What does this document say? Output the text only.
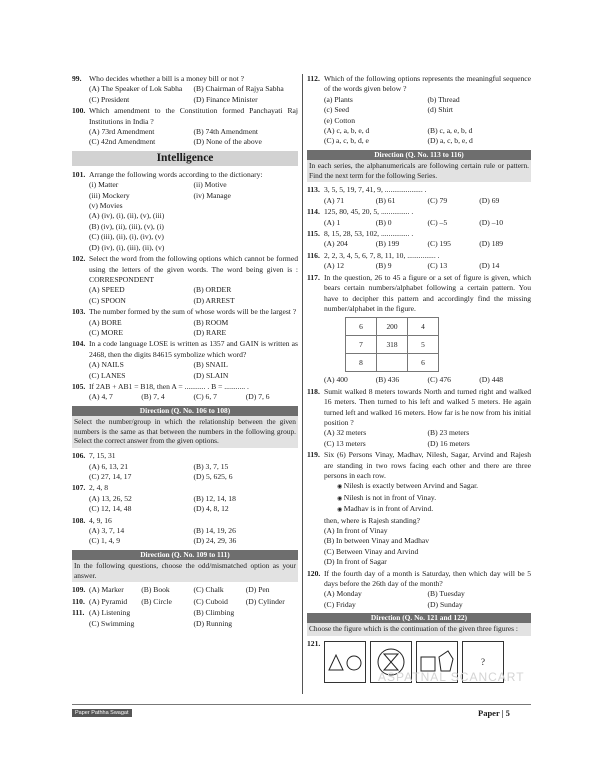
99. Who decides whether a bill is a money bill or not ?
(A) The Speaker of Lok Sabha	(B) Chairman of Rajya Sabha
(C) President	(D) Finance Minister
100. Which amendment to the Constitution formed Panchayati Raj Institutions in India ?
(A) 73rd Amendment	(B) 74th Amendment
(C) 42nd Amendment	(D) None of the above
Intelligence
101. Arrange the following words according to the dictionary:
(i) Matter	(ii) Motive
(iii) Mockery	(iv) Manage
(v) Movies
(A) (iv), (i), (ii), (v), (iii)
(B) (iv), (ii), (iii), (v), (i)
(C) (iii), (ii), (i), (iv), (v)
(D) (iv), (i), (iii), (ii), (v)
102. Select the word from the following options which cannot be formed using the letters of the given words. The word being given is : CORRESPONDENT
(A) SPEED	(B) ORDER
(C) SPOON	(D) ARREST
103. The number formed by the sum of whose words will be the largest ?
(A) BORE	(B) ROOM
(C) MORE	(D) RARE
104. In a code language LOSE is written as 1357 and GAIN is written as 2468, then the digits 84615 symbolize which word?
(A) NAILS	(B) SNAIL
(C) LANES	(D) SLAIN
105. If 2AB + AB1 = B18, then A = ........... . B = ........... .
(A) 4, 7	(B) 7, 4	(C) 6, 7	(D) 7, 6
Direction (Q. No. 106 to 108)
Select the number/group in which the relationship between the given numbers is the same as that between the numbers in the following group. Select the correct answer from the given options.
106. 7, 15, 31
(A) 6, 13, 21	(B) 3, 7, 15
(C) 27, 14, 17	(D) 5, 625, 6
107. 2, 4, 8
(A) 13, 26, 52	(B) 12, 14, 18
(C) 12, 14, 48	(D) 4, 8, 12
108. 4, 9, 16
(A) 3, 7, 14	(B) 14, 19, 26
(C) 1, 4, 9	(D) 24, 29, 36
Direction (Q. No. 109 to 111)
In the following questions, choose the odd/mismatched option as your answer.
109. (A) Marker	(B) Book	(C) Chalk	(D) Pen
110. (A) Pyramid	(B) Circle	(C) Cuboid	(D) Cylinder
111. (A) Listening	(B) Climbing
(C) Swimming	(D) Running
112. Which of the following options represents the meaningful sequence of the words given below ?
(a) Plants	(b) Thread
(c) Seed	(d) Shirt
(e) Cotton
(A) c, a, b, e, d	(B) c, a, e, b, d
(C) a, c, b, d, e	(D) a, c, b, e, d
Direction (Q. No. 113 to 116)
In each series, the alphanumericals are following certain rule or pattern. Find the next term for the following Series.
113. 3, 5, 5, 19, 7, 41, 9, .................... .
(A) 71	(B) 61	(C) 79	(D) 69
114. 125, 80, 45, 20, 5, ............... .
(A) 1	(B) 0	(C) –5	(D) –10
115. 8, 15, 28, 53, 102, ............... .
(A) 204	(B) 199	(C) 195	(D) 189
116. 2, 2, 3, 4, 5, 6, 7, 8, 11, 10, ............... .
(A) 12	(B) 9	(C) 13	(D) 14
117. In the question, 26 to 45 a figure or a set of figure is given, which bears certain numbers/alphabet following a certain pattern. You have to decipher this pattern and accordingly find the missing number/alphabet in the figure.
6	200	4
7	318	5
8		6
(A) 400	(B) 436	(C) 476	(D) 448
118. Sumit walked 8 meters towards North and turned right and walked 16 meters. Then turned to his left and walked 5 meters. He again turned left and walked 16 meters. How far is he now from his initial position ?
(A) 32 meters	(B) 23 meters
(C) 13 meters	(D) 16 meters
119. Six (6) Persons Vinay, Madhav, Nilesh, Sagar, Arvind and Rajesh are standing in two rows facing each other and there are three persons in each row.
◉ Nilesh is exactly between Arvind and Sagar.
◉ Nilesh is not in front of Vinay.
◉ Madhav is in front of Arvind.
then, where is Rajesh standing?
(A) In front of Vinay
(B) In between Vinay and Madhav
(C) Between Vinay and Arvind
(D) In front of Sagar
120. If the fourth day of a month is Saturday, then which day will be 5 days before the 26th day of the month?
(A) Monday	(B) Tuesday
(C) Friday	(D) Sunday
Direction (Q. No. 121 and 122)
Choose the figure which is the continuation of the given three figures :
121.
?
ASPATNAL SCANCART
Paper Pathha Swagat	Paper | 5
